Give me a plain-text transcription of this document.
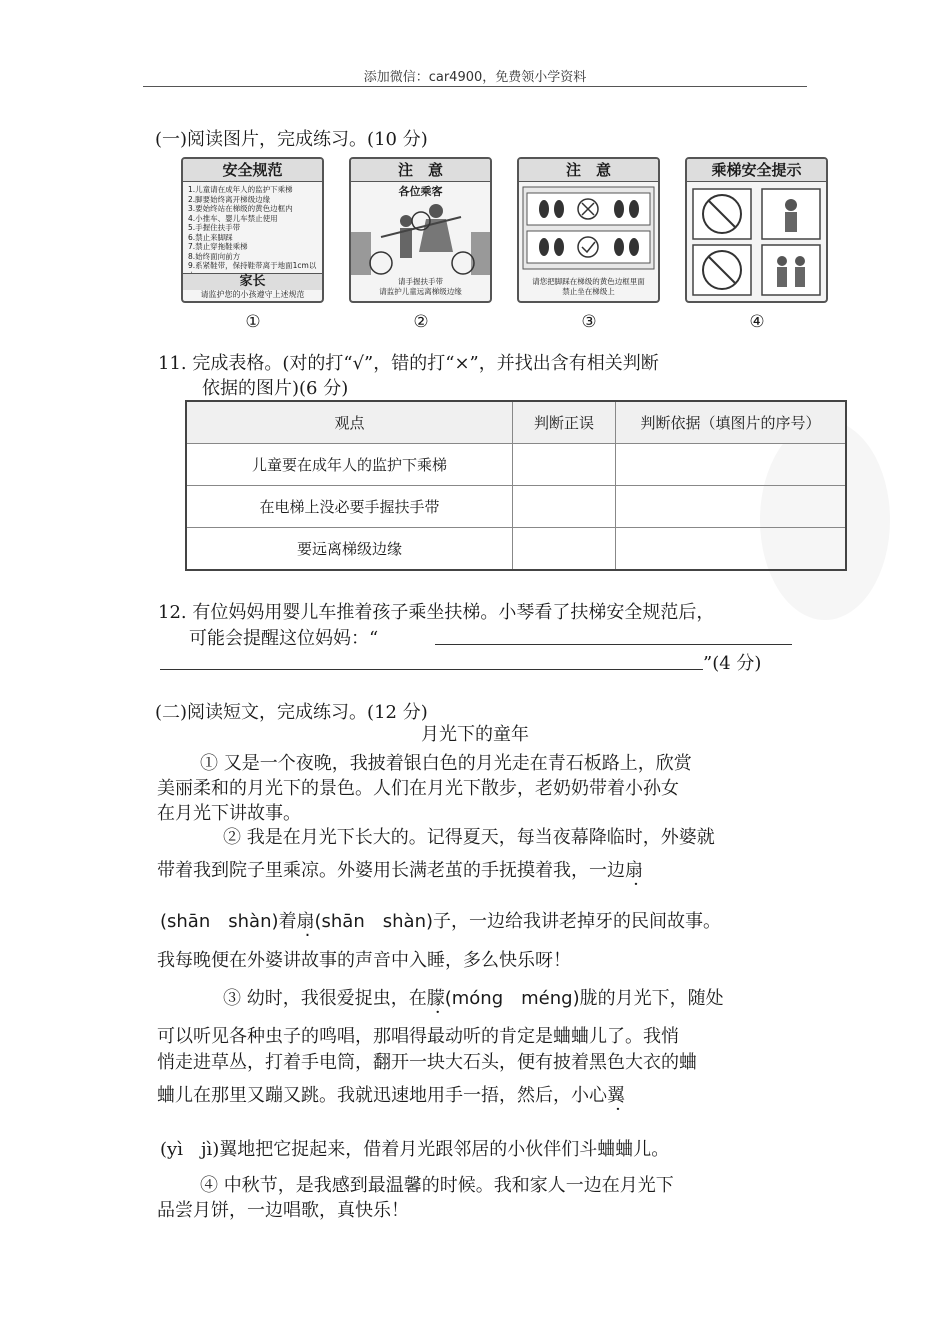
添加微信：car4900，免费领小学资料
(一)阅读图片，完成练习。(10 分)
安全规范
1.儿童请在成年人的监护下乘梯
2.脚要始终离开梯级边缘
3.要始终站在梯级的黄色边框内
4.小推车、婴儿车禁止使用
5.手握住扶手带
6.禁止来脚踩
7.禁止穿拖鞋乘梯
8.始终面向前方
9.系紧鞋带，保持鞋带离于地面1cm以
家长
请监护您的小孩遵守上述规范
注　意
各位乘客
请手握扶手带
请监护儿童远离梯级边缘
注　意
请您把脚踩在梯级的黄色边框里面
禁止坐在梯级上
乘梯安全提示
①	②	③	④
11. 完成表格。(对的打“√”，错的打“×”，并找出含有相关判断
依据的图片)(6 分)
观点	判断正误	判断依据（填图片的序号）
儿童要在成年人的监护下乘梯		
在电梯上没必要手握扶手带		
要远离梯级边缘		
12. 有位妈妈用婴儿车推着孩子乘坐扶梯。小琴看了扶梯安全规范后，
可能会提醒这位妈妈：“
”(4 分)
(二)阅读短文，完成练习。(12 分)
月光下的童年
① 又是一个夜晚，我披着银白色的月光走在青石板路上，欣赏
美丽柔和的月光下的景色。人们在月光下散步，老奶奶带着小孙女
在月光下讲故事。
② 我是在月光下长大的。记得夏天，每当夜幕降临时，外婆就
带着我到院子里乘凉。外婆用长满老茧的手抚摸着我，一边扇
(shān　shàn)着扇(shān　shàn)子，一边给我讲老掉牙的民间故事。
我每晚便在外婆讲故事的声音中入睡，多么快乐呀！
③ 幼时，我很爱捉虫，在朦(móng　méng)胧的月光下，随处
可以听见各种虫子的鸣唱，那唱得最动听的肯定是蛐蛐儿了。我悄
悄走进草丛，打着手电筒，翻开一块大石头，便有披着黑色大衣的蛐
蛐儿在那里又蹦又跳。我就迅速地用手一捂，然后，小心翼
(yì　jì)翼地把它捉起来，借着月光跟邻居的小伙伴们斗蛐蛐儿。
④ 中秋节，是我感到最温馨的时候。我和家人一边在月光下
品尝月饼，一边唱歌，真快乐！
